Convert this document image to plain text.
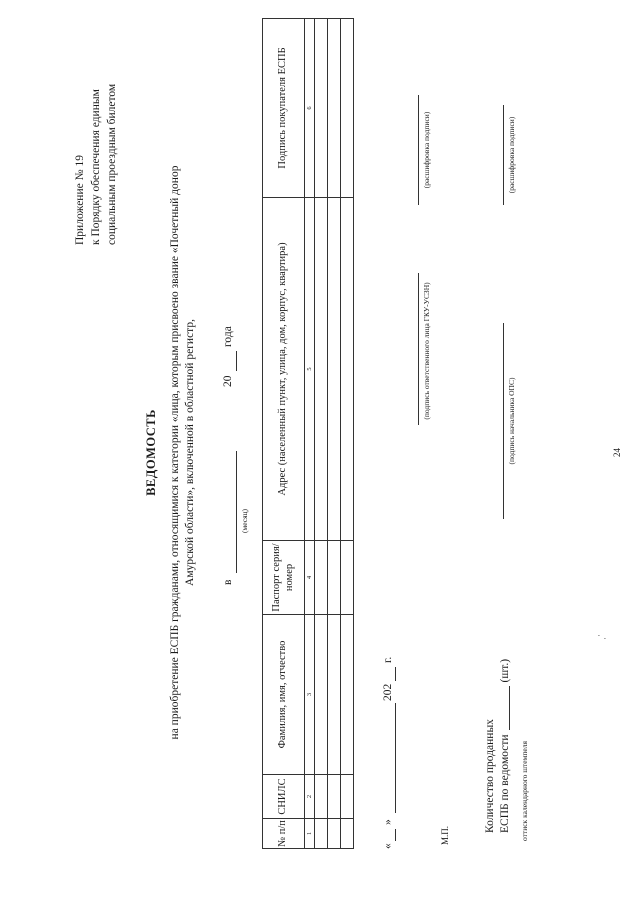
24
·
·
Приложение № 19 к Порядку обеспечения единым социальным проездным билетом
ВЕДОМОСТЬ на приобретение ЕСПБ гражданами, относящимися к категории «лица, которым присвоено звание «Почетный донор Амурской области», включенной в областной регистр, в
(месяц)
20
года
№ п/п	СНИЛС	Фамилия, имя, отчество	Паспорт серия/номер	Адрес (населенный пункт, улица, дом, корпус, квартира)	Подпись покупателя ЕСПБ
1	2	3	4	5	6

(подпись ответственного лица ГКУ-УСЗН)
(расшифровка подписи)
(подпись начальника ОПС)
(расшифровка подписи)
«
»
202
г.
М.П.
Количество проданных ЕСПБ по ведомости
(шт.)
оттиск календарного штемпеля
